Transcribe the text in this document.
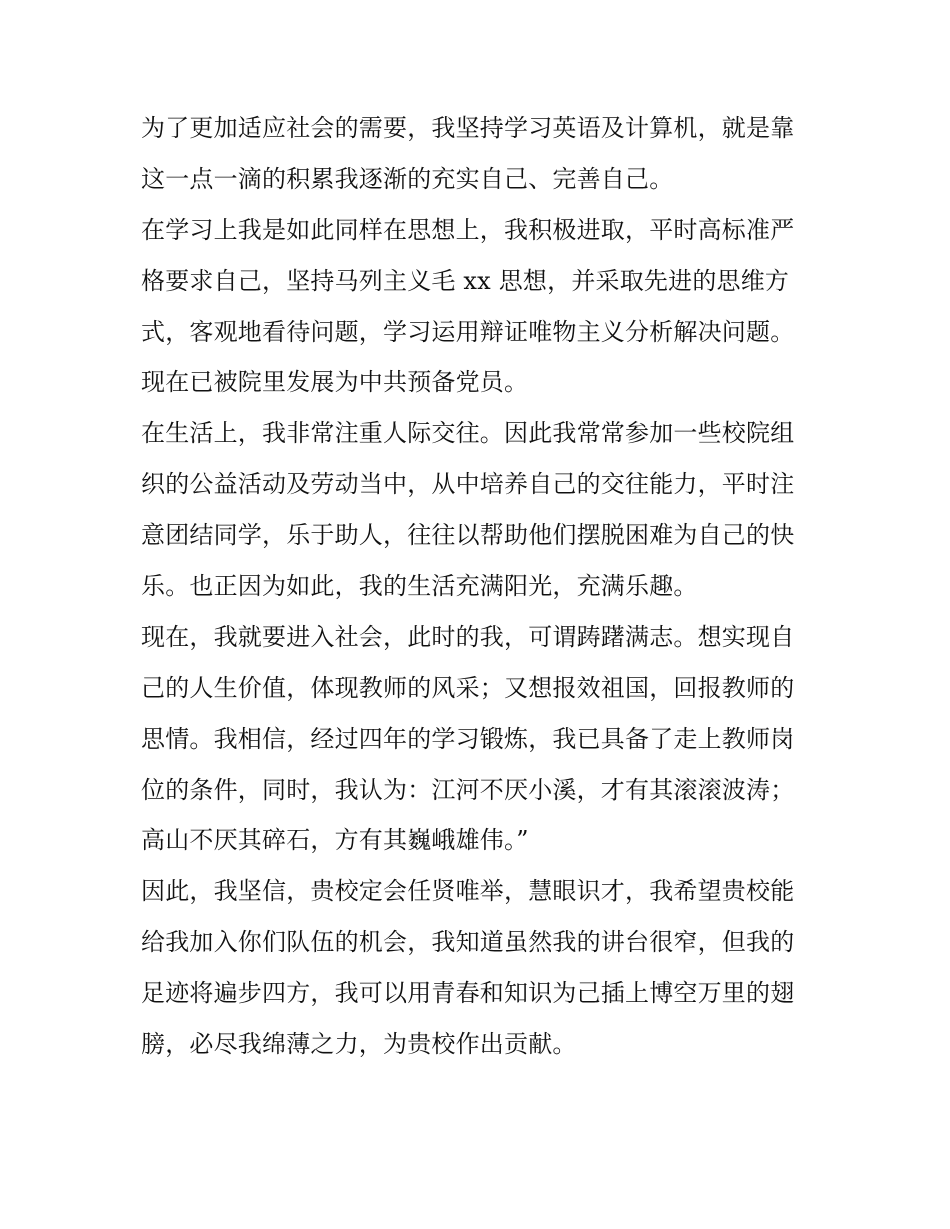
为了更加适应社会的需要，我坚持学习英语及计算机，就是靠
这一点一滴的积累我逐渐的充实自己、完善自己。
在学习上我是如此同样在思想上，我积极进取，平时高标准严
格要求自己，坚持马列主义毛 xx 思想，并采取先进的思维方
式，客观地看待问题，学习运用辩证唯物主义分析解决问题。
现在已被院里发展为中共预备党员。
在生活上，我非常注重人际交往。因此我常常参加一些校院组
织的公益活动及劳动当中，从中培养自己的交往能力，平时注
意团结同学，乐于助人，往往以帮助他们摆脱困难为自己的快
乐。也正因为如此，我的生活充满阳光，充满乐趣。
现在，我就要进入社会，此时的我，可谓踌躇满志。想实现自
己的人生价值，体现教师的风采；又想报效祖国，回报教师的
思情。我相信，经过四年的学习锻炼，我已具备了走上教师岗
位的条件，同时，我认为：江河不厌小溪，才有其滚滚波涛；
高山不厌其碎石，方有其巍峨雄伟。”
因此，我坚信，贵校定会任贤唯举，慧眼识才，我希望贵校能
给我加入你们队伍的机会，我知道虽然我的讲台很窄，但我的
足迹将遍步四方，我可以用青春和知识为己插上博空万里的翅
膀，必尽我绵薄之力，为贵校作出贡献。
